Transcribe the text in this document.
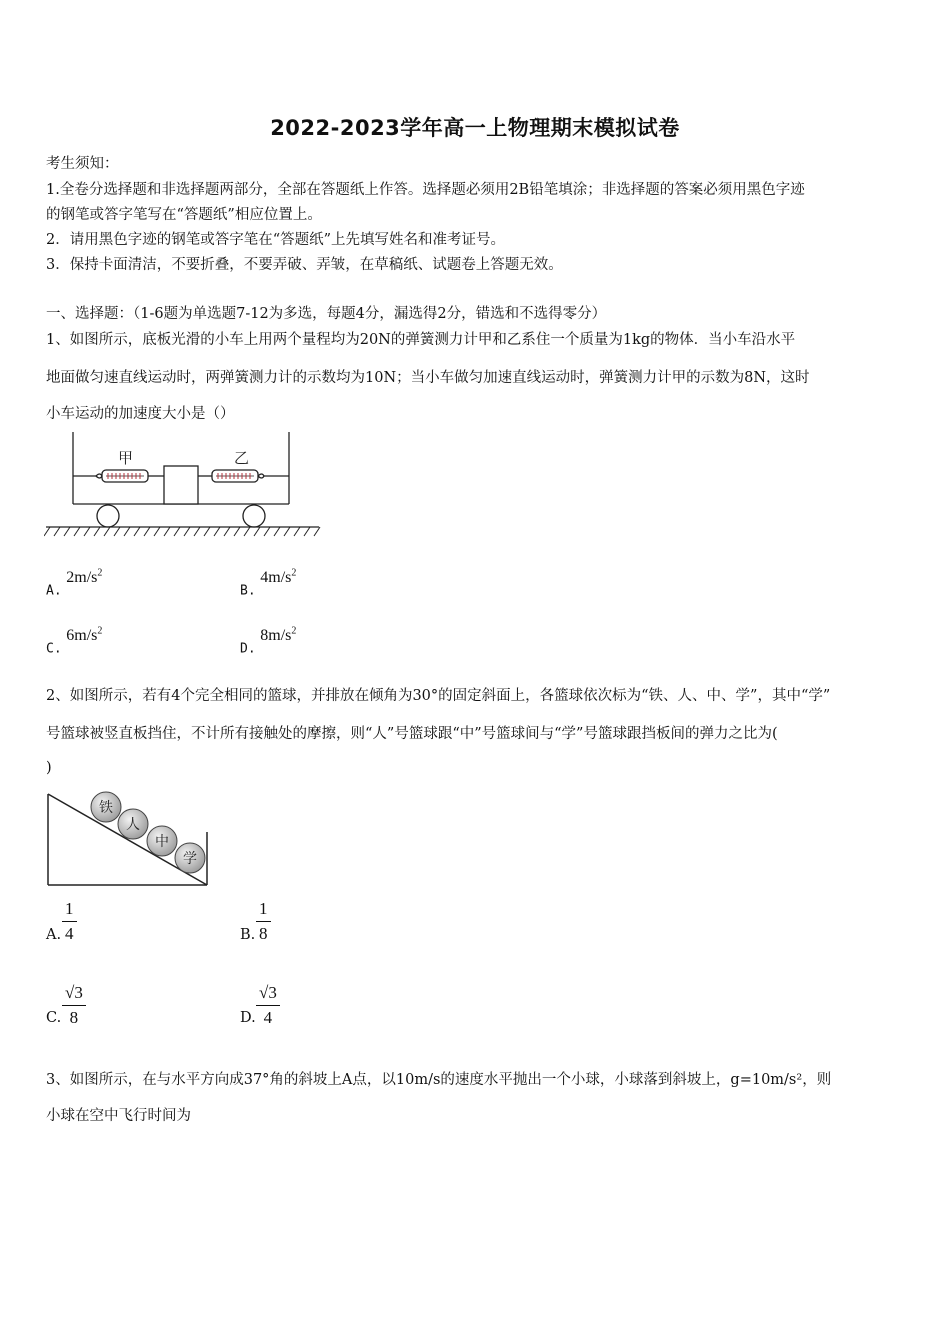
2022-2023学年高一上物理期末模拟试卷
考生须知：
1.全卷分选择题和非选择题两部分，全部在答题纸上作答。选择题必须用2B铅笔填涂；非选择题的答案必须用黑色字迹
的钢笔或答字笔写在“答题纸”相应位置上。
2．请用黑色字迹的钢笔或答字笔在“答题纸”上先填写姓名和准考证号。
3．保持卡面清洁，不要折叠，不要弄破、弄皱，在草稿纸、试题卷上答题无效。
一、选择题：（1-6题为单选题7-12为多选，每题4分，漏选得2分，错选和不选得零分）
1、如图所示，底板光滑的小车上用两个量程均为20N的弹簧测力计甲和乙系住一个质量为1kg的物体．当小车沿水平
地面做匀速直线运动时，两弹簧测力计的示数均为10N；当小车做匀加速直线运动时，弹簧测力计甲的示数为8N，这时
小车运动的加速度大小是（）
甲	乙
A. $2m/s^2$
B. $4m/s^2$
C. $6m/s^2$
D. $8m/s^2$
2、如图所示，若有4个完全相同的篮球，并排放在倾角为30°的固定斜面上，各篮球依次标为“铁、人、中、学”，其中“学”
号篮球被竖直板挡住，不计所有接触处的摩擦，则“人”号篮球跟“中”号篮球间与“学”号篮球跟挡板间的弹力之比为(
)
铁
人
中
学
A.
1
4	B.
1
8
C.
√3
8	D.
√3
4
3、如图所示，在与水平方向成37°角的斜坡上A点，以10m/s的速度水平抛出一个小球，小球落到斜坡上，g=10m/s²，则
小球在空中飞行时间为
